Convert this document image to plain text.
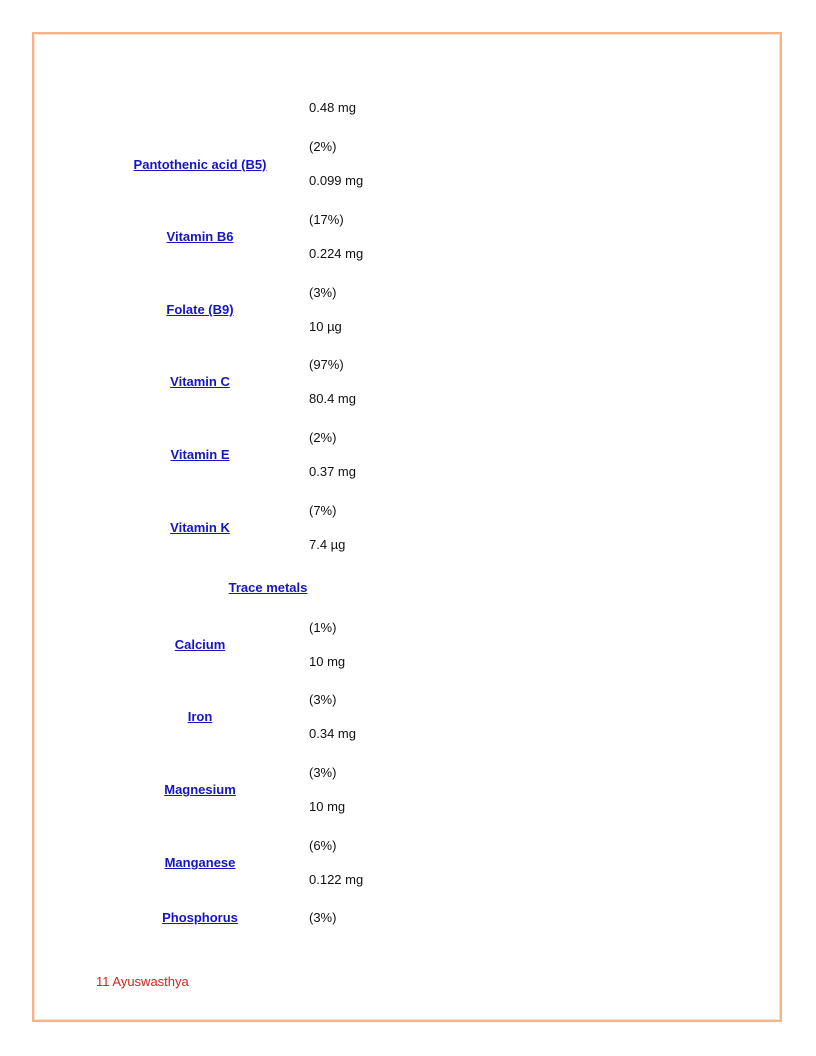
0.48 mg
(2%)
Pantothenic acid (B5)
0.099 mg
(17%)
Vitamin B6
0.224 mg
(3%)
Folate (B9)
10 µg
(97%)
Vitamin C
80.4 mg
(2%)
Vitamin E
0.37 mg
(7%)
Vitamin K
7.4 µg
Trace metals
(1%)
Calcium
10 mg
(3%)
Iron
0.34 mg
(3%)
Magnesium
10 mg
(6%)
Manganese
0.122 mg
Phosphorus	(3%)
11 Ayuswasthya
